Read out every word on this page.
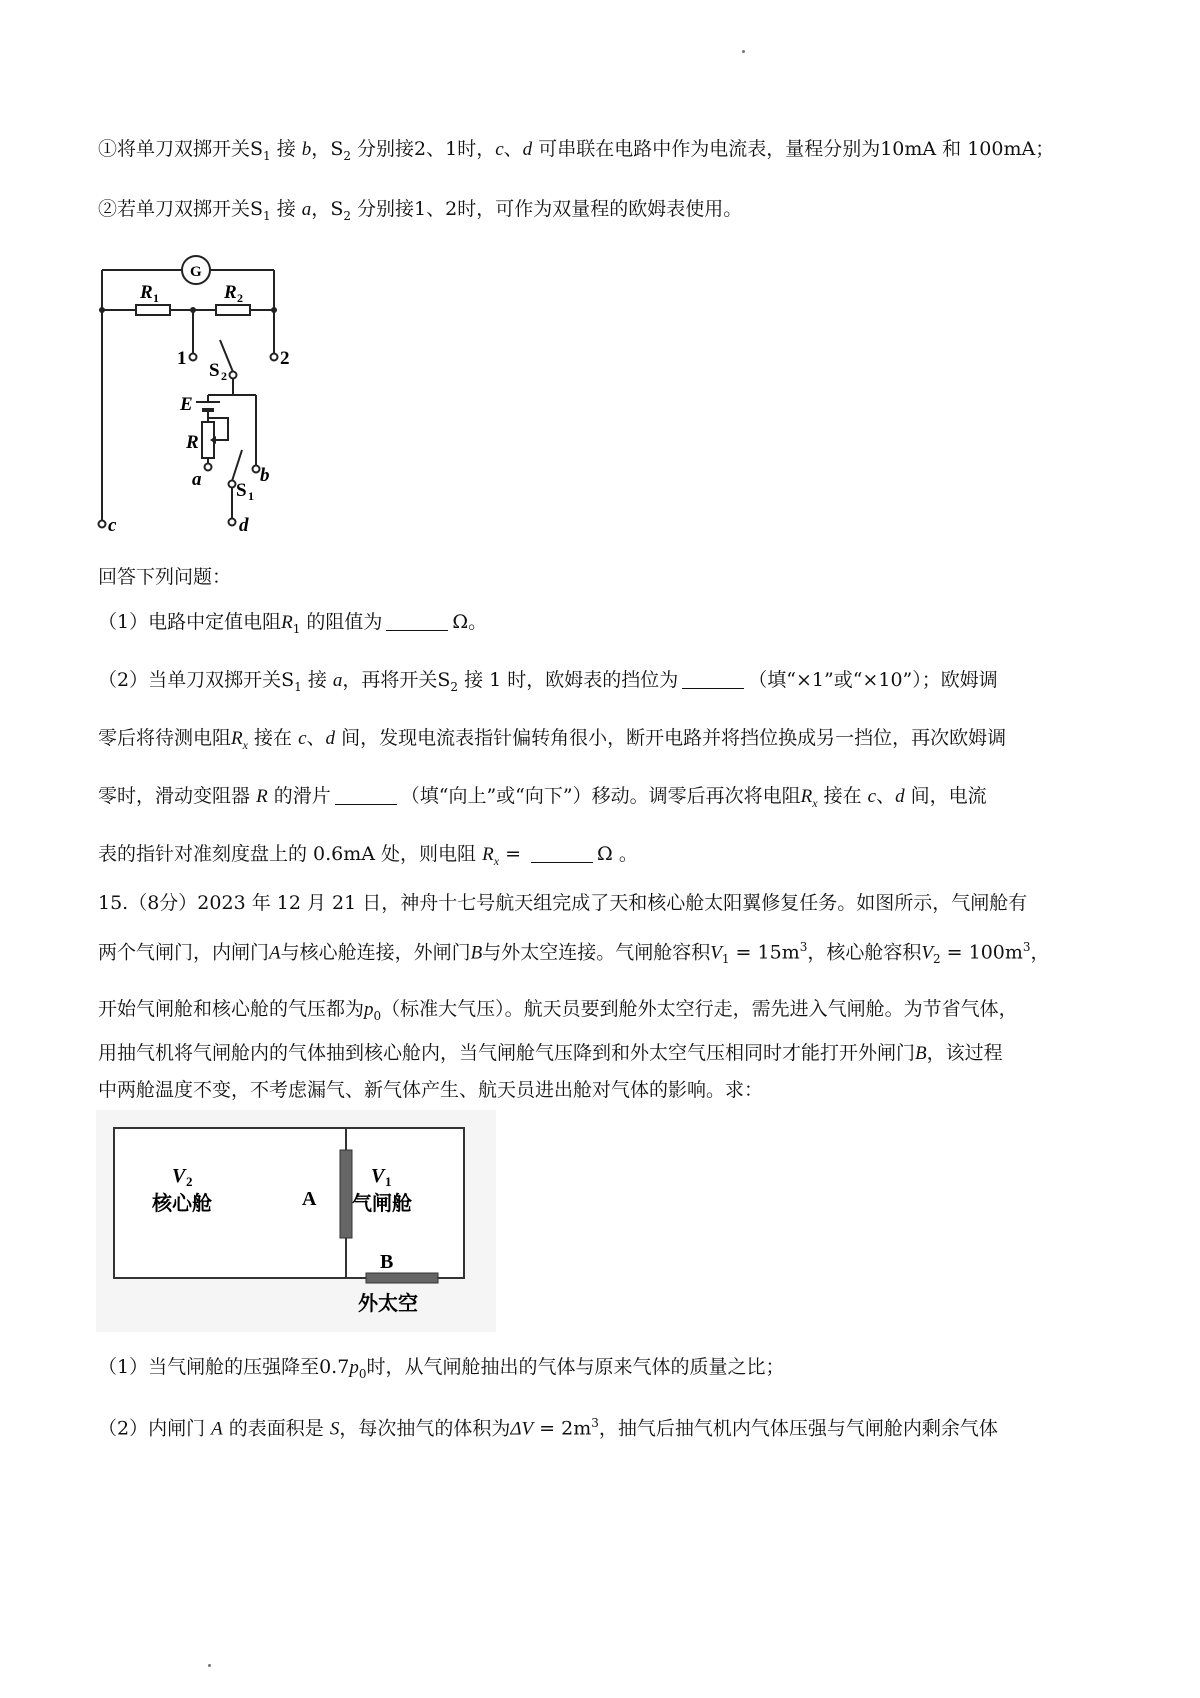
①将单刀双掷开关$S_1$ 接 b，$S_2$ 分别接2、1时，c、d 可串联在电路中作为电流表，量程分别为10mA 和 100mA；
②若单刀双掷开关$S_1$ 接 a，$S_2$ 分别接1、2时，可作为双量程的欧姆表使用。
G
R 1	R 2
1	2
S 2
E
R
a	b
S 1
c	d
回答下列问题：
（1）电路中定值电阻$R_1$ 的阻值为	Ω。
（2）当单刀双掷开关$S_1$ 接 a，再将开关$S_2$ 接 1 时，欧姆表的挡位为	（填“×1”或“×10”）；欧姆调
零后将待测电阻$R_x$ 接在 c、d 间，发现电流表指针偏转角很小，断开电路并将挡位换成另一挡位，再次欧姆调
零时，滑动变阻器 R 的滑片	（填“向上”或“向下”）移动。调零后再次将电阻$R_x$ 接在 c、d 间，电流
表的指针对准刻度盘上的 0.6mA 处，则电阻 $R_x$ =	Ω 。
15.（8分）2023 年 12 月 21 日，神舟十七号航天组完成了天和核心舱太阳翼修复任务。如图所示，气闸舱有
两个气闸门，内闸门A与核心舱连接，外闸门B与外太空连接。气闸舱容积$V_1 = 15m^3$，核心舱容积$V_2 = 100m^3$，
开始气闸舱和核心舱的气压都为$p_0$（标准大气压）。航天员要到舱外太空行走，需先进入气闸舱。为节省气体，
用抽气机将气闸舱内的气体抽到核心舱内，当气闸舱气压降到和外太空气压相同时才能打开外闸门B，该过程
中两舱温度不变，不考虑漏气、新气体产生、航天员进出舱对气体的影响。求：
V 2
核心舱	A
V 1
气闸舱
B
外太空
（1）当气闸舱的压强降至$0.7p_0$时，从气闸舱抽出的气体与原来气体的质量之比；
（2）内闸门 A 的表面积是 S，每次抽气的体积为$\Delta V = 2m^3$，抽气后抽气机内气体压强与气闸舱内剩余气体
